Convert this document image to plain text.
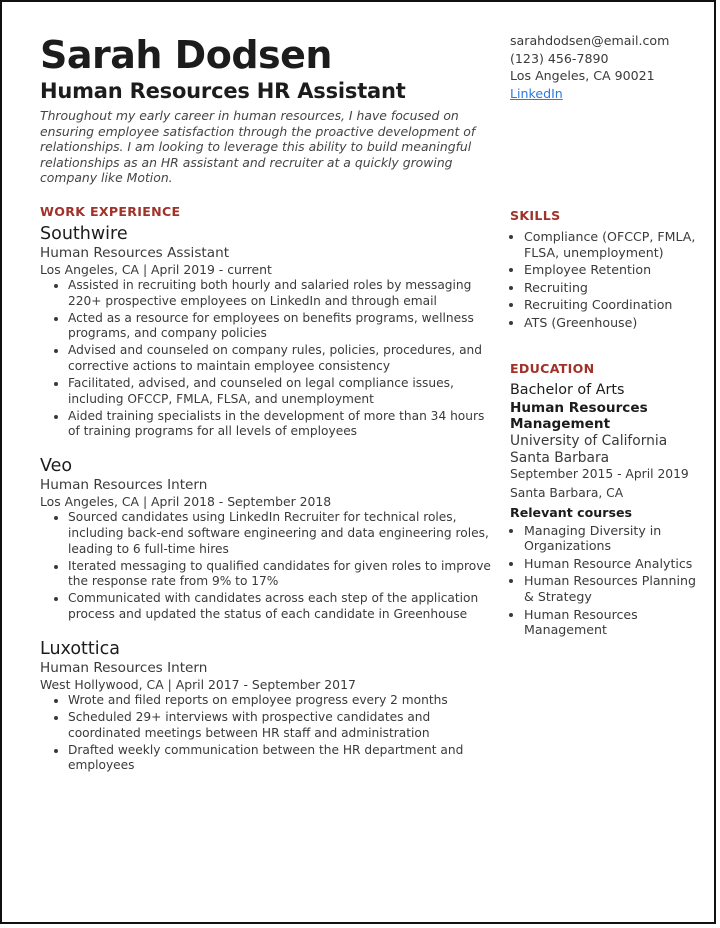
Sarah Dodsen
Human Resources HR Assistant

Throughout my early career in human resources, I have focused on ensuring employee satisfaction through the proactive development of relationships. I am looking to leverage this ability to build meaningful relationships as an HR assistant and recruiter at a quickly growing company like Motion.

WORK EXPERIENCE
Southwire
Human Resources Assistant
Los Angeles, CA | April 2019 - current
• Assisted in recruiting both hourly and salaried roles by messaging 220+ prospective employees on LinkedIn and through email
• Acted as a resource for employees on benefits programs, wellness programs, and company policies
• Advised and counseled on company rules, policies, procedures, and corrective actions to maintain employee consistency
• Facilitated, advised, and counseled on legal compliance issues, including OFCCP, FMLA, FLSA, and unemployment
• Aided training specialists in the development of more than 34 hours of training programs for all levels of employees
Veo
Human Resources Intern
Los Angeles, CA | April 2018 - September 2018
• Sourced candidates using LinkedIn Recruiter for technical roles, including back-end software engineering and data engineering roles, leading to 6 full-time hires
• Iterated messaging to qualified candidates for given roles to improve the response rate from 9% to 17%
• Communicated with candidates across each step of the application process and updated the status of each candidate in Greenhouse
Luxottica
Human Resources Intern
West Hollywood, CA | April 2017 - September 2017
• Wrote and filed reports on employee progress every 2 months
• Scheduled 29+ interviews with prospective candidates and coordinated meetings between HR staff and administration
• Drafted weekly communication between the HR department and employees
sarahdodsen@email.com
(123) 456-7890
Los Angeles, CA 90021
LinkedIn
SKILLS
• Compliance (OFCCP, FMLA, FLSA, unemployment)
• Employee Retention
• Recruiting
• Recruiting Coordination
• ATS (Greenhouse)
EDUCATION
Bachelor of Arts
Human Resources Management
University of California Santa Barbara
September 2015 - April 2019
Santa Barbara, CA
Relevant courses
• Managing Diversity in Organizations
• Human Resource Analytics
• Human Resources Planning & Strategy
• Human Resources Management
